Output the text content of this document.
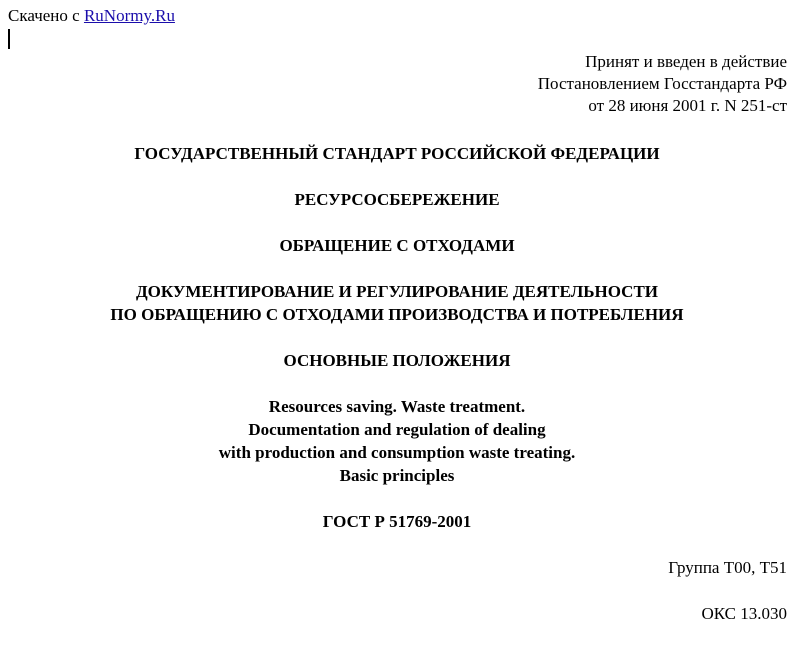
Скачено с RuNormy.Ru
Принят и введен в действие
Постановлением Госстандарта РФ
от 28 июня 2001 г. N 251-ст
ГОСУДАРСТВЕННЫЙ СТАНДАРТ РОССИЙСКОЙ ФЕДЕРАЦИИ
РЕСУРСОСБЕРЕЖЕНИЕ
ОБРАЩЕНИЕ С ОТХОДАМИ
ДОКУМЕНТИРОВАНИЕ И РЕГУЛИРОВАНИЕ ДЕЯТЕЛЬНОСТИ
ПО ОБРАЩЕНИЮ С ОТХОДАМИ ПРОИЗВОДСТВА И ПОТРЕБЛЕНИЯ
ОСНОВНЫЕ ПОЛОЖЕНИЯ
Resources saving. Waste treatment.
Documentation and regulation of dealing
with production and consumption waste treating.
Basic principles
ГОСТ Р 51769-2001
Группа Т00, Т51
ОКС 13.030
